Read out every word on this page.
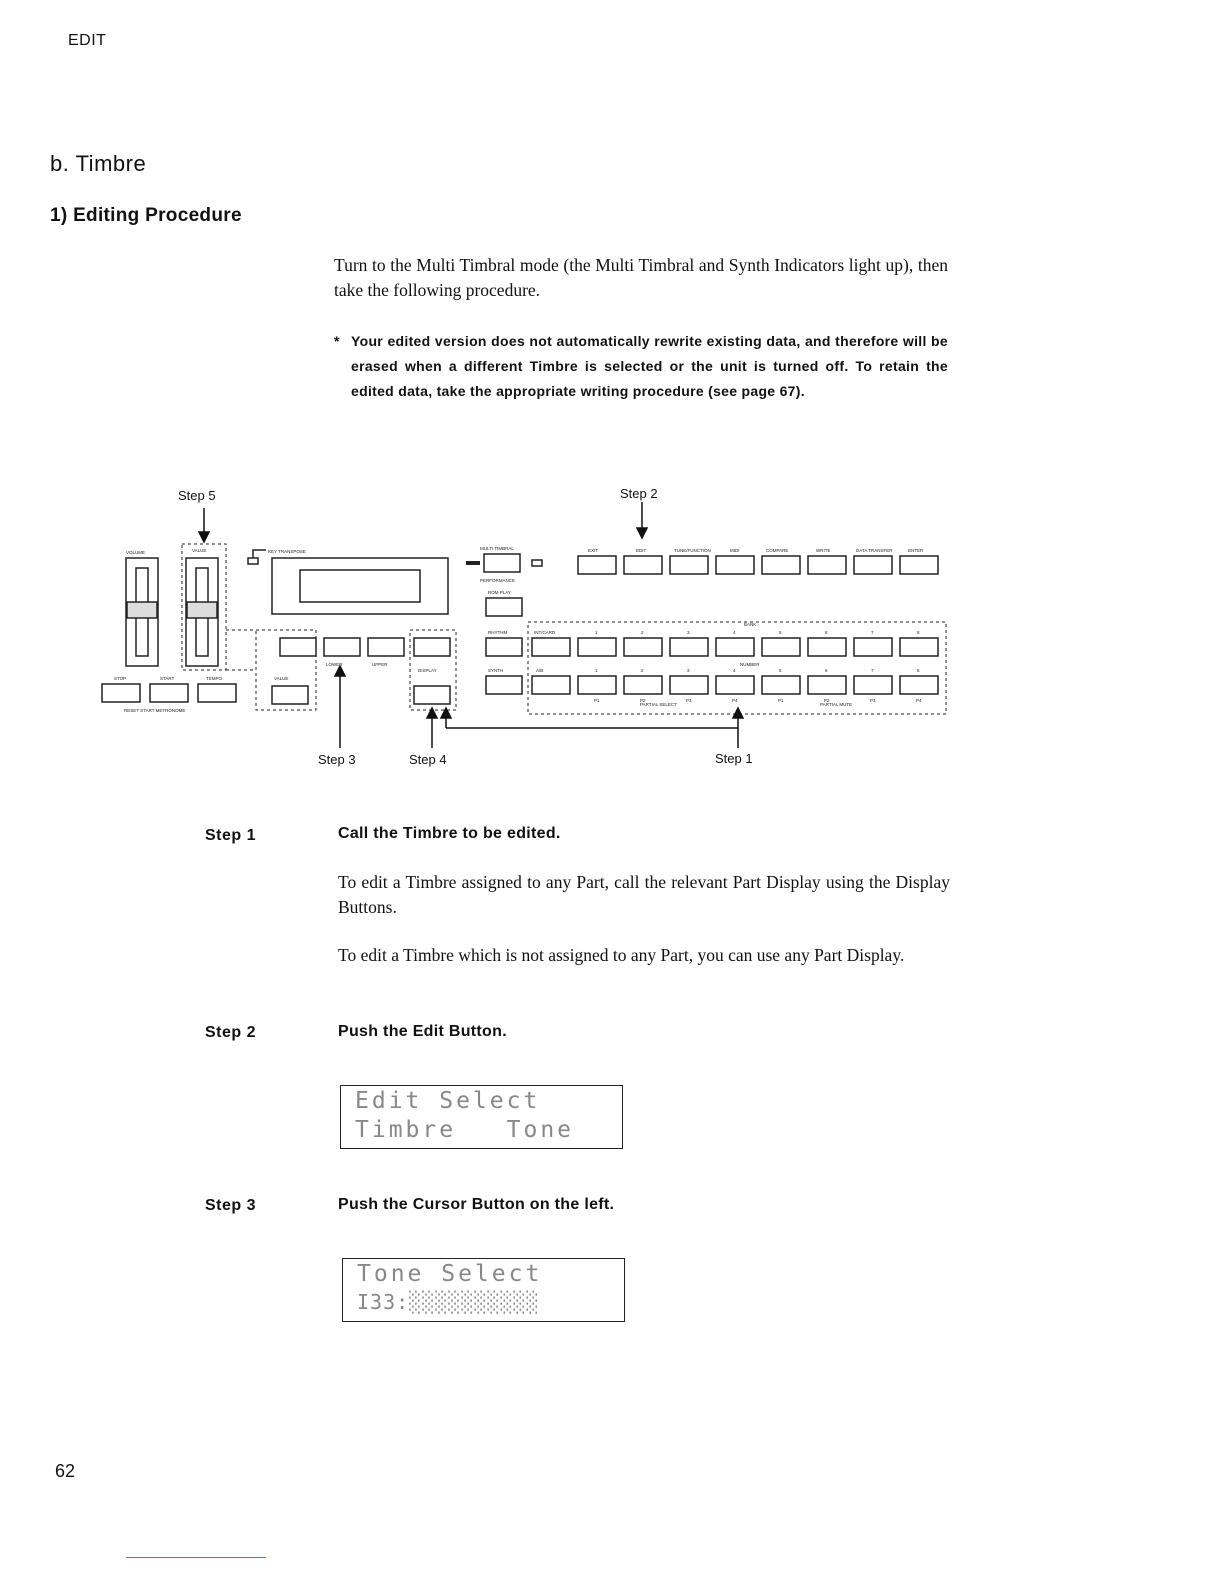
EDIT
b. Timbre
1) Editing Procedure
Turn to the Multi Timbral mode (the Multi Timbral and Synth Indicators light up), then take the following procedure.
* Your edited version does not automatically rewrite existing data, and therefore will be erased when a different Timbre is selected or the unit is turned off. To retain the edited data, take the appropriate writing procedure (see page 67).
Step 5	Step 2
Step 3	Step 4	Step 1
VOLUME	VALUE	KEY TRANSPOSE
MULTI TIMBRAL
PERFORMANCE
ROM PLAY
RHYTHM	INT/CARD
SYNTH	A/B
BANK
NUMBER
PARTIAL SELECT	PARTIAL MUTE
STOP	START	TEMPO
RESET START METRONOME
LOWER	UPPER
DISPLAY
VALUE
EXIT	EDIT	TUNE/FUNCTION	MIDI	COMPARE	WRITE	DATA TRANSFER	ENTER
1	2	3	4	5	6	7	8
1	2	3	4	5	6	7	8
P1	P2	P3	P4	P1	P2	P3	P4
Step 1	Call the Timbre to be edited.
To edit a Timbre assigned to any Part, call the relevant Part Display using the Display Buttons.
To edit a Timbre which is not assigned to any Part, you can use any Part Display.
Step 2	Push the Edit Button.
Edit Select
Timbre   Tone
Step 3	Push the Cursor Button on the left.
Tone Select
I33:░░░░░░░░░░
62
